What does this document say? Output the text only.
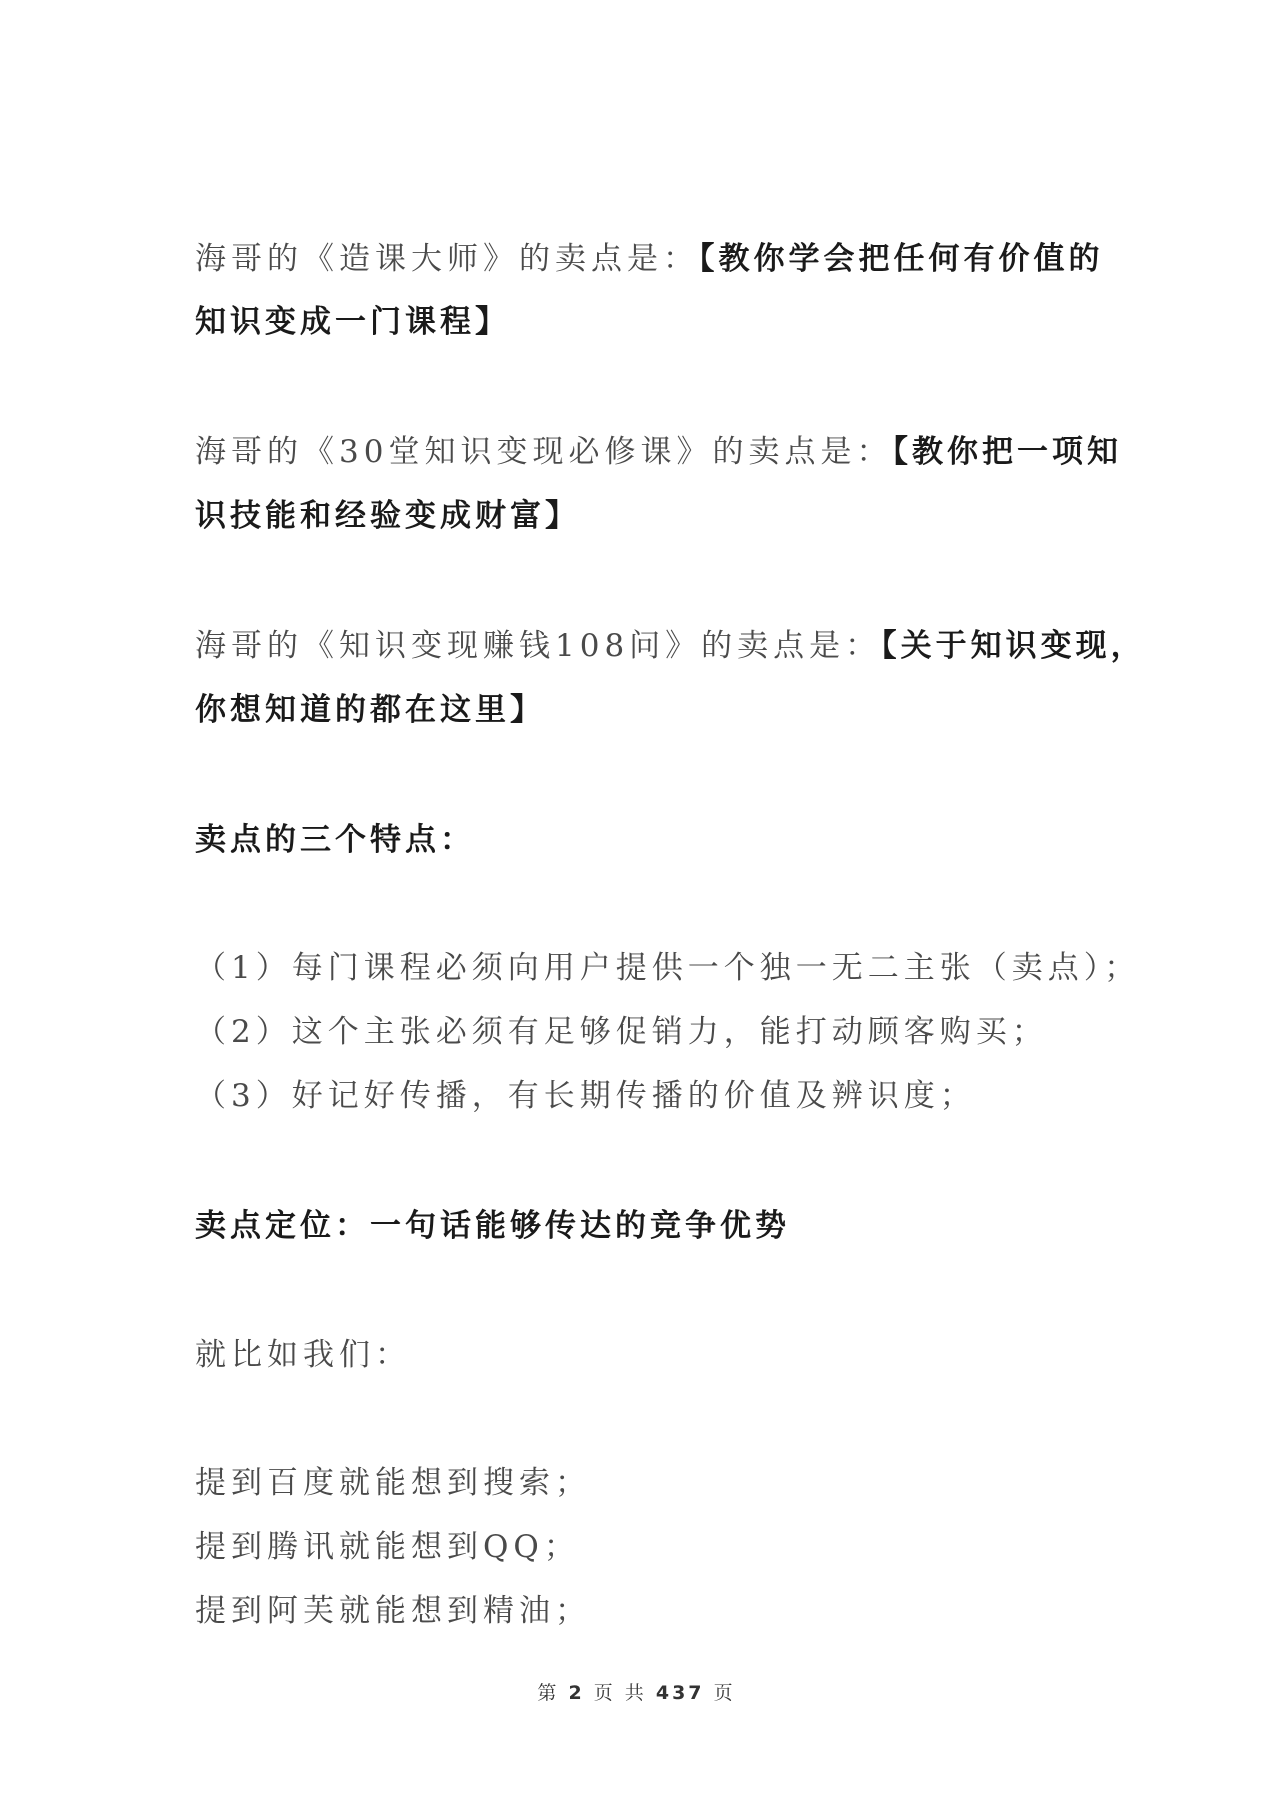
海哥的《造课大师》的卖点是：【教你学会把任何有价值的

知识变成一门课程】

海哥的《30堂知识变现必修课》的卖点是：【教你把一项知

识技能和经验变成财富】

海哥的《知识变现赚钱108问》的卖点是：【关于知识变现，

你想知道的都在这里】

卖点的三个特点：

（1）每门课程必须向用户提供一个独一无二主张（卖点）；

（2）这个主张必须有足够促销力，能打动顾客购买；

（3）好记好传播，有长期传播的价值及辨识度；

卖点定位：一句话能够传达的竞争优势

就比如我们：

提到百度就能想到搜索；

提到腾讯就能想到QQ；

提到阿芙就能想到精油；

第 2 页 共 437 页
